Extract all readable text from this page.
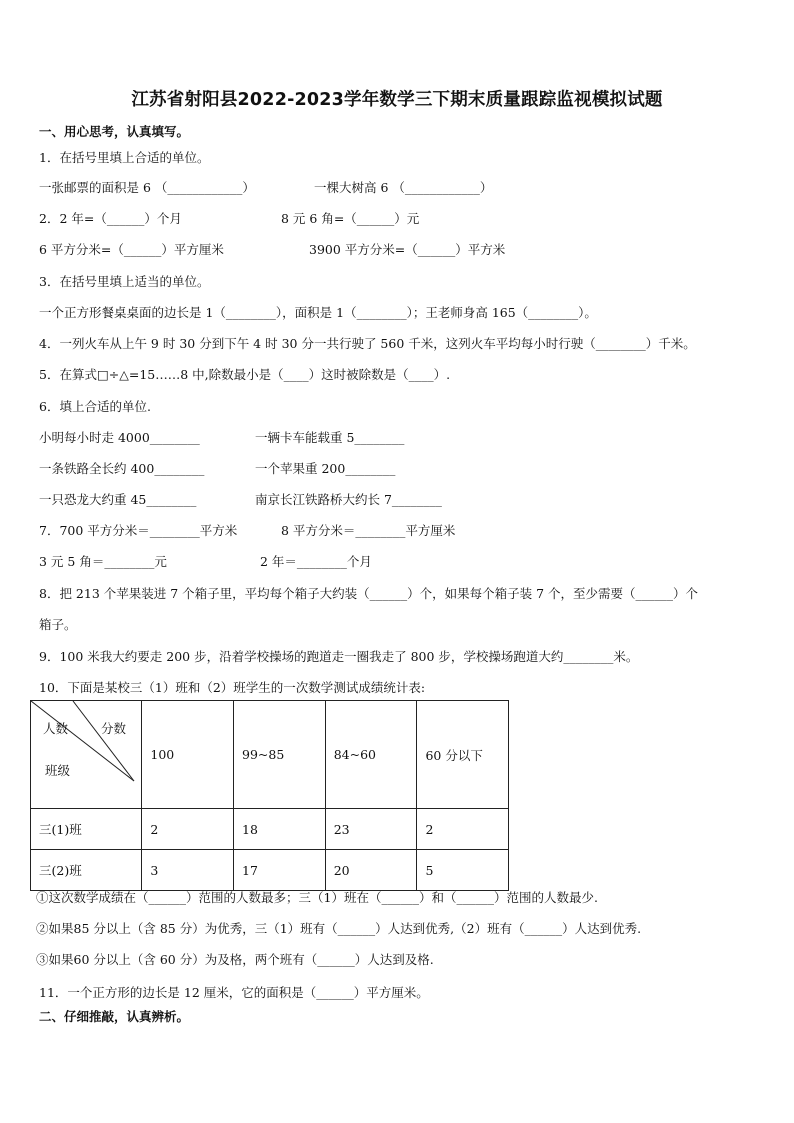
江苏省射阳县2022-2023学年数学三下期末质量跟踪监视模拟试题
一、用心思考，认真填写。
1．在括号里填上合适的单位。
一张邮票的面积是 6 （____________）	一棵大树高 6 （____________）
2．2 年=（______）个月	8 元 6 角=（______）元
6 平方分米=（______）平方厘米	3900 平方分米=（______）平方米
3．在括号里填上适当的单位。
一个正方形餐桌桌面的边长是 1（________），面积是 1（________）；王老师身高 165（________）。
4．一列火车从上午 9 时 30 分到下午 4 时 30 分一共行驶了 560 千米，这列火车平均每小时行驶（________）千米。
5．在算式□÷△=15……8 中,除数最小是（____）这时被除数是（____）.
6．填上合适的单位.
小明每小时走 4000________	一辆卡车能载重 5________
一条铁路全长约 400________	一个苹果重 200________
一只恐龙大约重 45________	南京长江铁路桥大约长 7________
7．700 平方分米＝________平方米	8 平方分米＝________平方厘米
3 元 5 角＝________元	2 年＝________个月
8．把 213 个苹果装进 7 个箱子里，平均每个箱子大约装（______）个，如果每个箱子装 7 个，至少需要（______）个
箱子。
9．100 米我大约要走 200 步，沿着学校操场的跑道走一圈我走了 800 步，学校操场跑道大约________米。
10．下面是某校三（1）班和（2）班学生的一次数学测试成绩统计表:
人数 分数
班级	100	99~85	84~60	60 分以下
三(1)班	2	18	23	2
三(2)班	3	17	20	5
①这次数学成绩在（______）范围的人数最多；三（1）班在（______）和（______）范围的人数最少.
②如果85 分以上（含 85 分）为优秀，三（1）班有（______）人达到优秀,（2）班有（______）人达到优秀.
③如果60 分以上（含 60 分）为及格，两个班有（______）人达到及格.
11．一个正方形的边长是 12 厘米，它的面积是（______）平方厘米。
二、仔细推敲，认真辨析。
